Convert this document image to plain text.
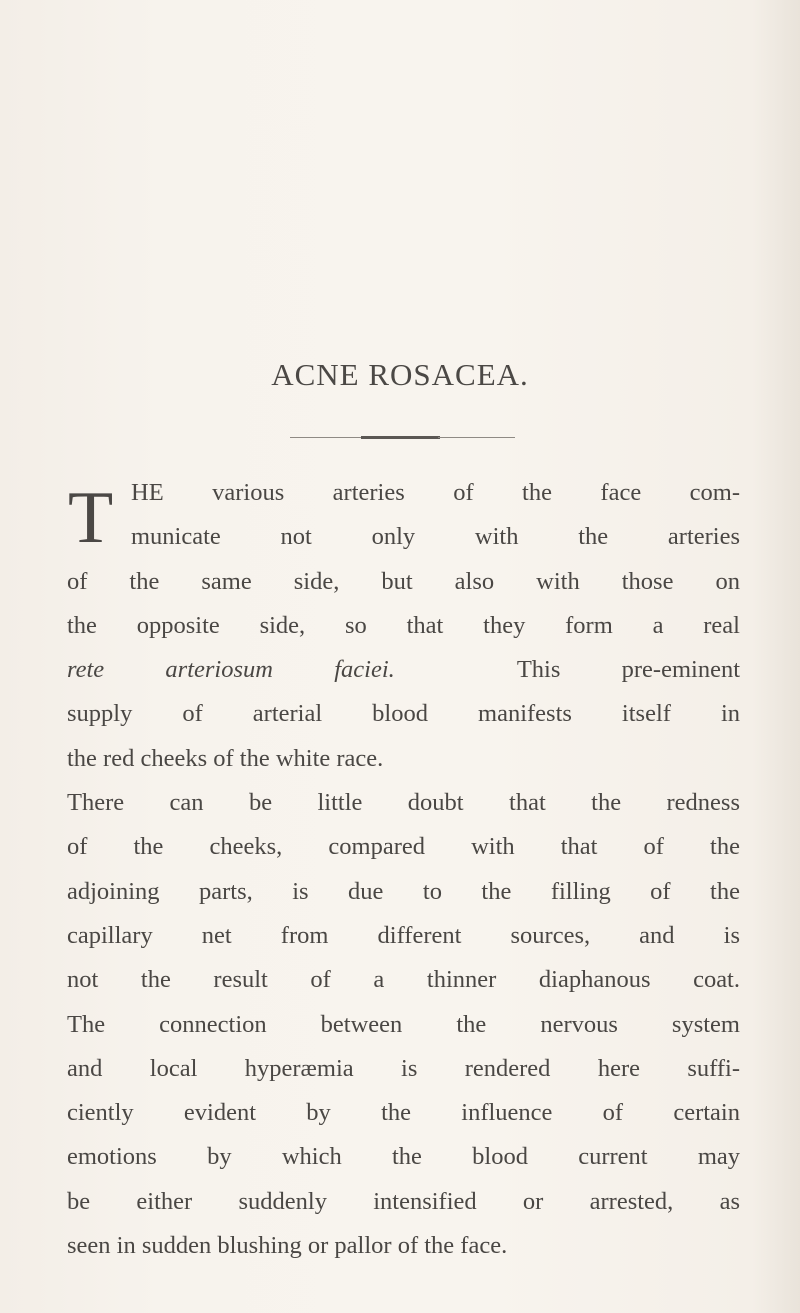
ACNE ROSACEA.
T HE various arteries of the face com-
municate not only with the arteries
of the same side, but also with those on
the opposite side, so that they form a real
rete arteriosum faciei.	This pre-eminent
supply of arterial blood manifests itself in
the red cheeks of the white race.
There can be little doubt that the redness
of the cheeks, compared with that of the
adjoining parts, is due to the filling of the
capillary net from different sources, and is
not the result of a thinner diaphanous coat.
The connection between the nervous system
and local hyperæmia is rendered here suffi-
ciently evident by the influence of certain
emotions by which the blood current may
be either suddenly intensified or arrested, as
seen in sudden blushing or pallor of the face.
